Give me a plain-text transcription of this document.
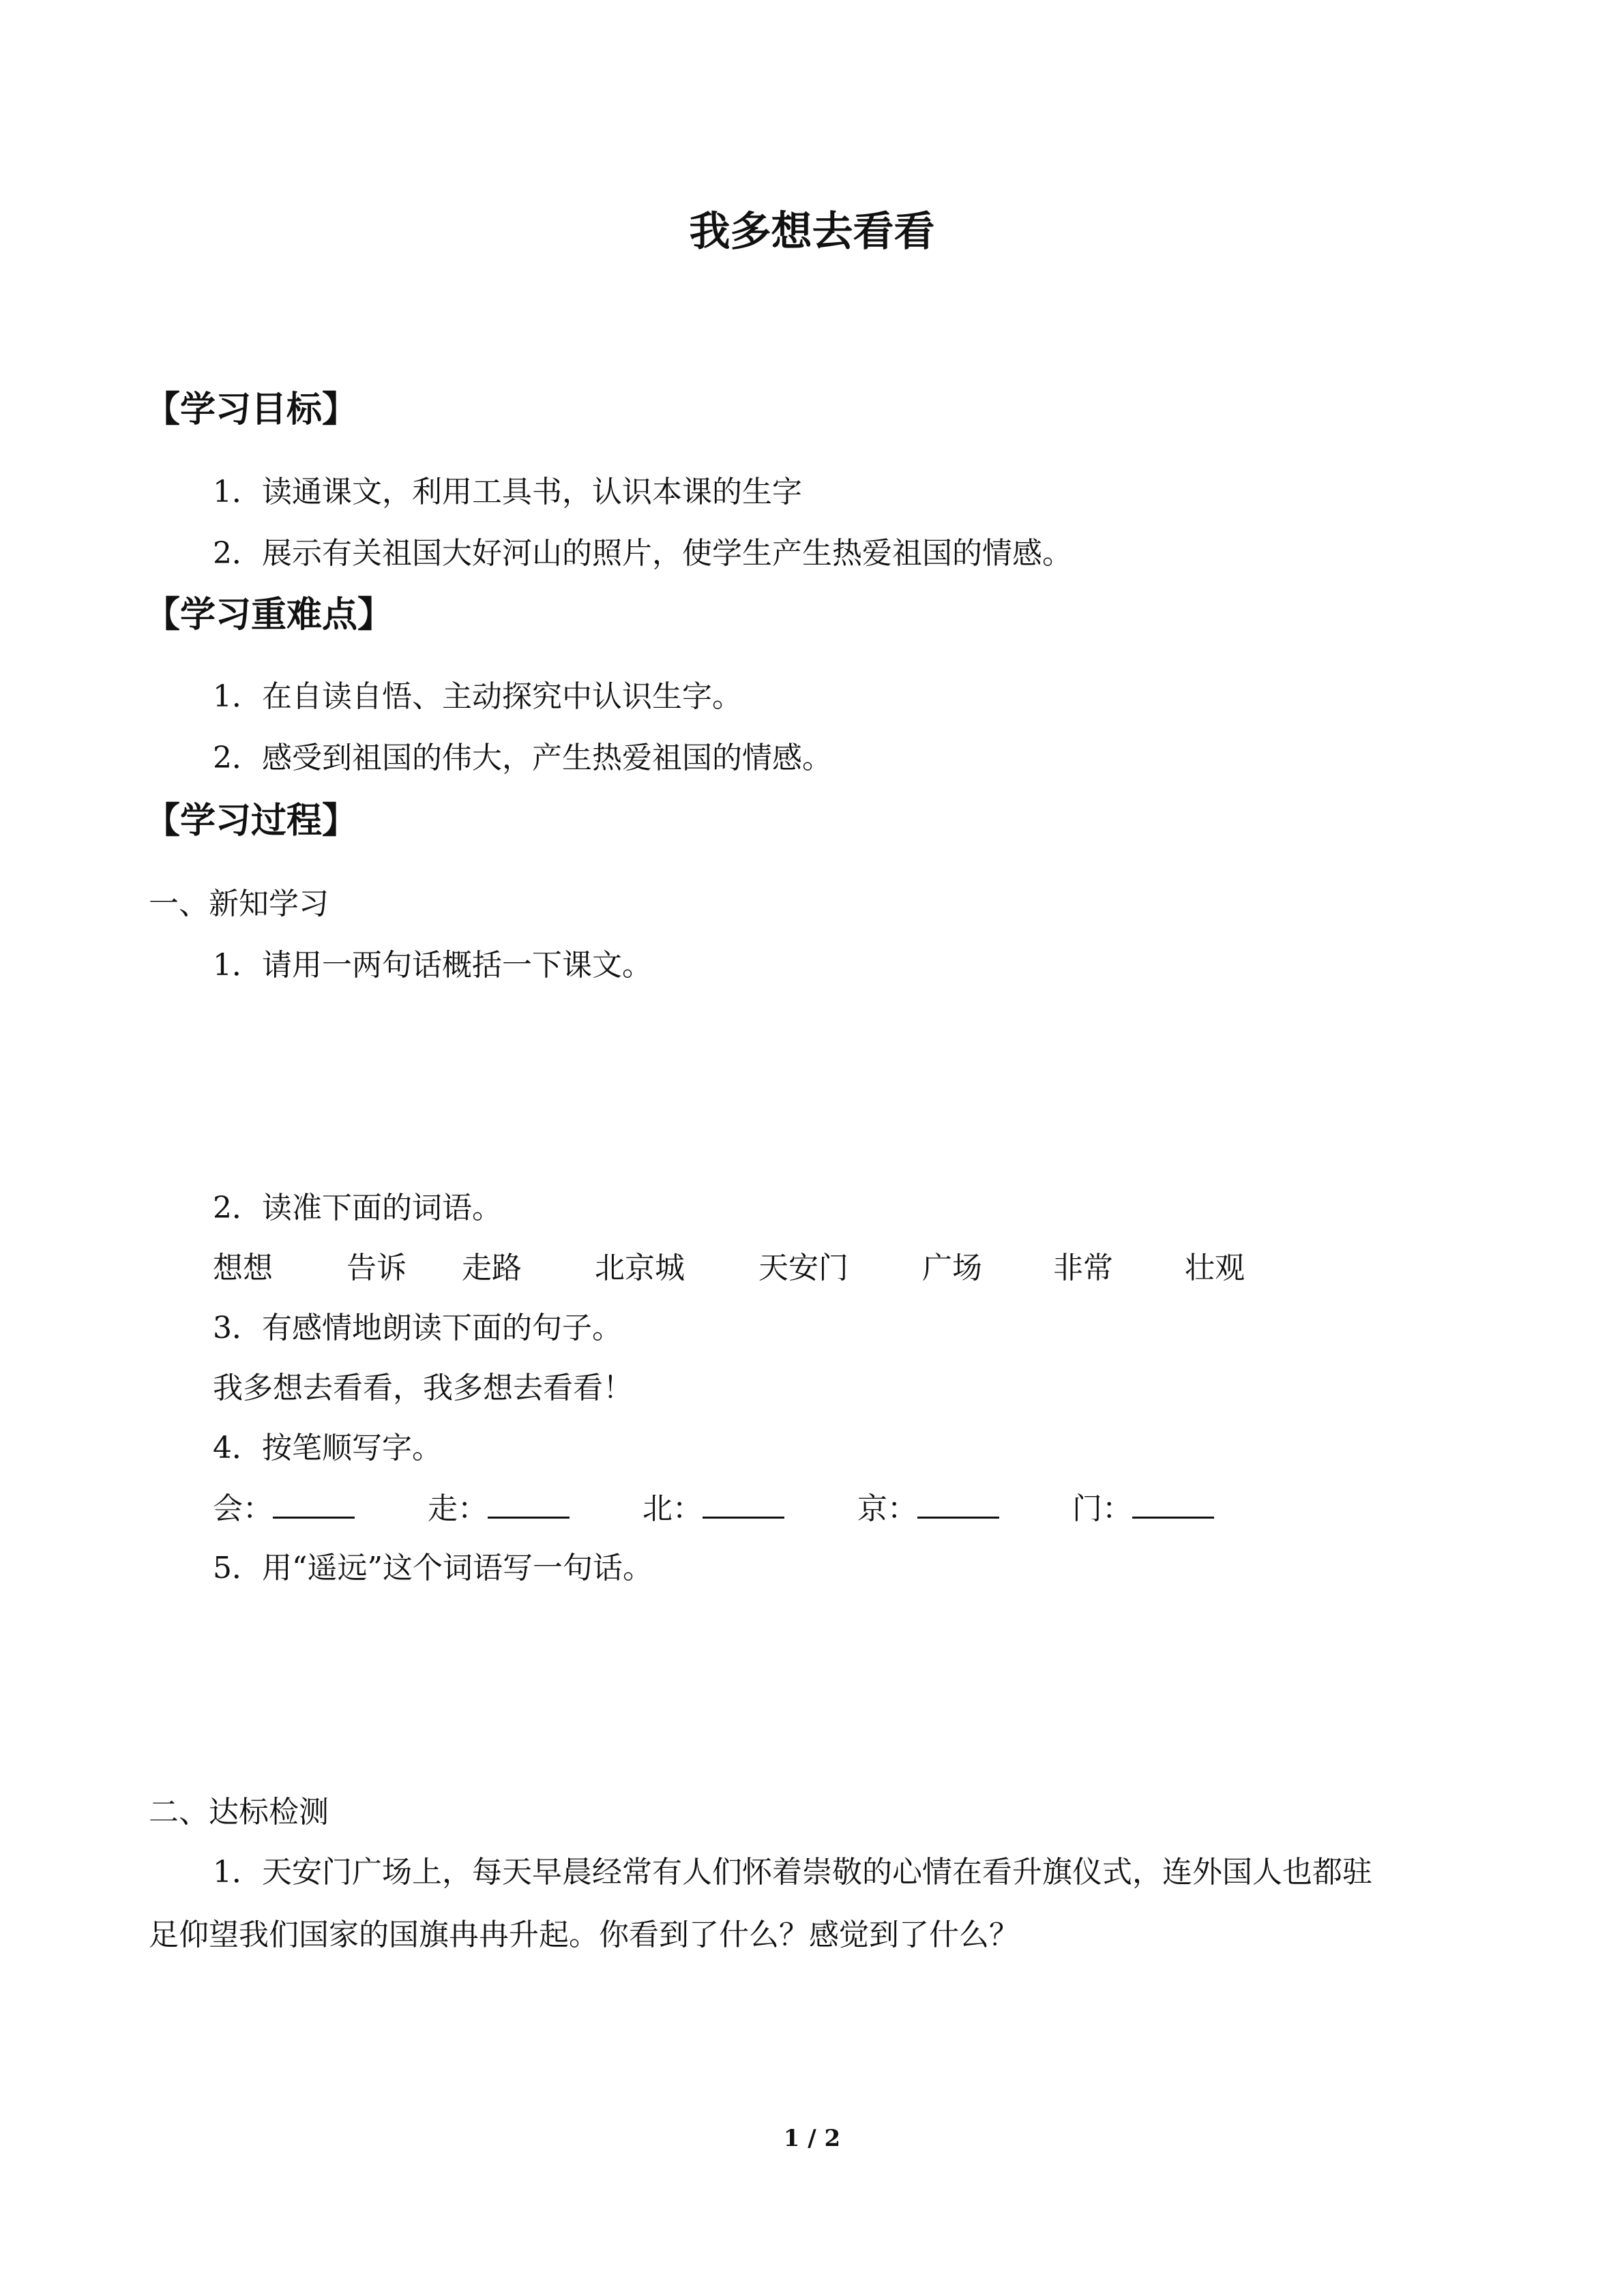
我多想去看看
【学习目标】
1．读通课文，利用工具书，认识本课的生字
2．展示有关祖国大好河山的照片，使学生产生热爱祖国的情感。
【学习重难点】
1．在自读自悟、主动探究中认识生字。
2．感受到祖国的伟大，产生热爱祖国的情感。
【学习过程】
一、新知学习
1．请用一两句话概括一下课文。
2．读准下面的词语。
想想 告诉 走路 北京城 天安门 广场 非常 壮观
3．有感情地朗读下面的句子。
我多想去看看，我多想去看看！
4．按笔顺写字。
会：	走：	北：	京：	门：
5．用“遥远”这个词语写一句话。
二、达标检测
1．天安门广场上，每天早晨经常有人们怀着崇敬的心情在看升旗仪式，连外国人也都驻
足仰望我们国家的国旗冉冉升起。你看到了什么？感觉到了什么？
1 / 2
